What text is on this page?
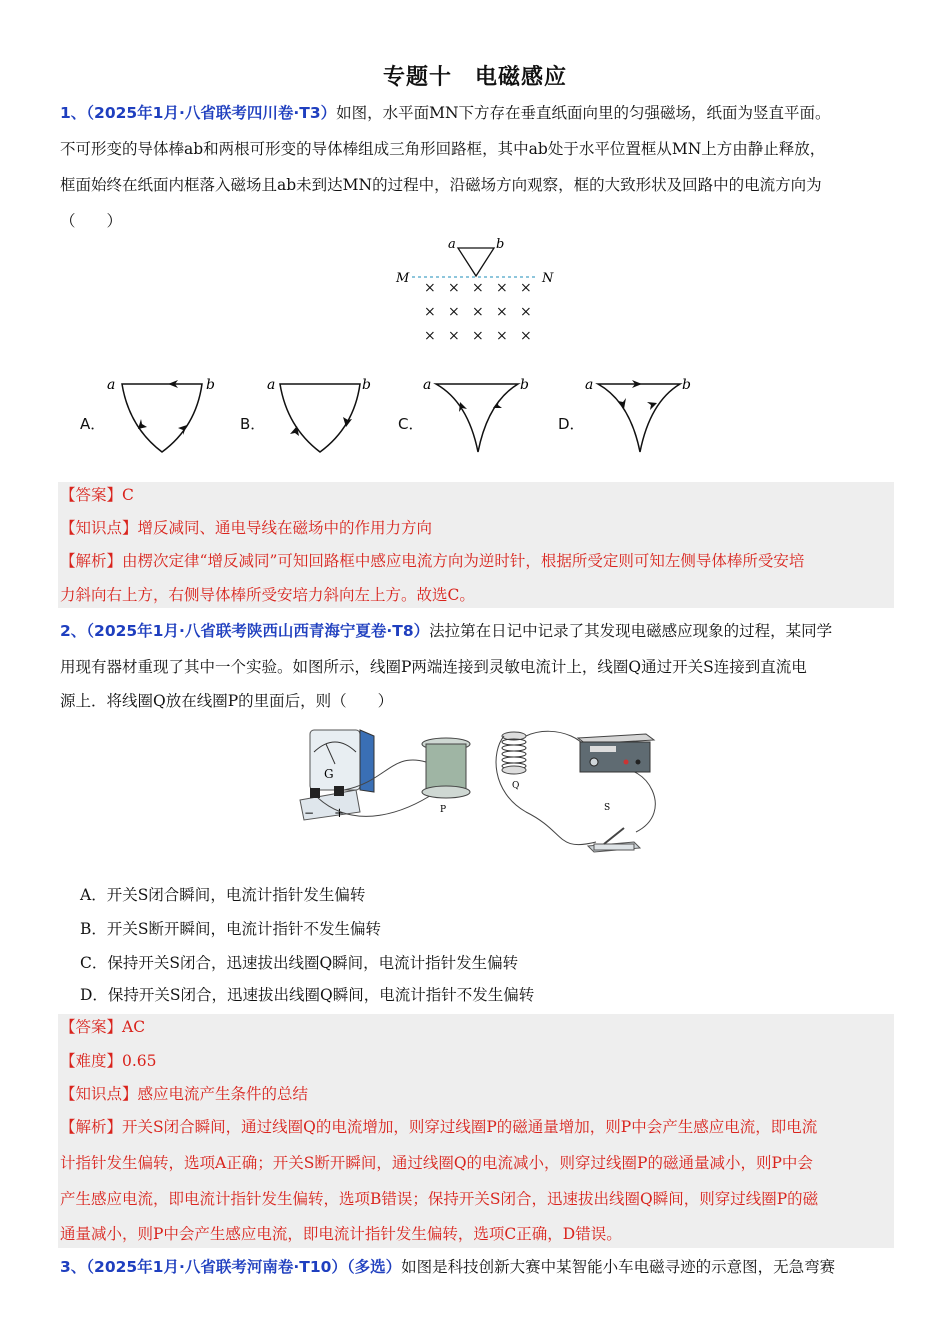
专题十　电磁感应
1、（2025年1月·八省联考四川卷·T3）如图，水平面MN下方存在垂直纸面向里的匀强磁场，纸面为竖直平面。
不可形变的导体棒ab和两根可形变的导体棒组成三角形回路框，其中ab处于水平位置框从MN上方由静止释放，
框面始终在纸面内框落入磁场且ab未到达MN的过程中，沿磁场方向观察，框的大致形状及回路中的电流方向为
（　　）
a	b
M	N
× × × × ×
× × × × ×
× × × × ×
A．
a	b
B．
a	b
C．
a	b
D．
a	b
【答案】C
【知识点】增反减同、通电导线在磁场中的作用力方向
【解析】由楞次定律“增反减同”可知回路框中感应电流方向为逆时针，根据所受定则可知左侧导体棒所受安培
力斜向右上方，右侧导体棒所受安培力斜向左上方。故选C。
2、（2025年1月·八省联考陕西山西青海宁夏卷·T8）法拉第在日记中记录了其发现电磁感应现象的过程，某同学
用现有器材重现了其中一个实验。如图所示，线圈P两端连接到灵敏电流计上，线圈Q通过开关S连接到直流电
源上．将线圈Q放在线圈P的里面后，则（　　）
G
− +	P
Q
S
A．开关S闭合瞬间，电流计指针发生偏转
B．开关S断开瞬间，电流计指针不发生偏转
C．保持开关S闭合，迅速拔出线圈Q瞬间，电流计指针发生偏转
D．保持开关S闭合，迅速拔出线圈Q瞬间，电流计指针不发生偏转
【答案】AC
【难度】0.65
【知识点】感应电流产生条件的总结
【解析】开关S闭合瞬间，通过线圈Q的电流增加，则穿过线圈P的磁通量增加，则P中会产生感应电流，即电流
计指针发生偏转，选项A正确；开关S断开瞬间，通过线圈Q的电流减小，则穿过线圈P的磁通量减小，则P中会
产生感应电流，即电流计指针发生偏转，选项B错误；保持开关S闭合，迅速拔出线圈Q瞬间，则穿过线圈P的磁
通量减小，则P中会产生感应电流，即电流计指针发生偏转，选项C正确，D错误。
3、（2025年1月·八省联考河南卷·T10）（多选）如图是科技创新大赛中某智能小车电磁寻迹的示意图，无急弯赛
